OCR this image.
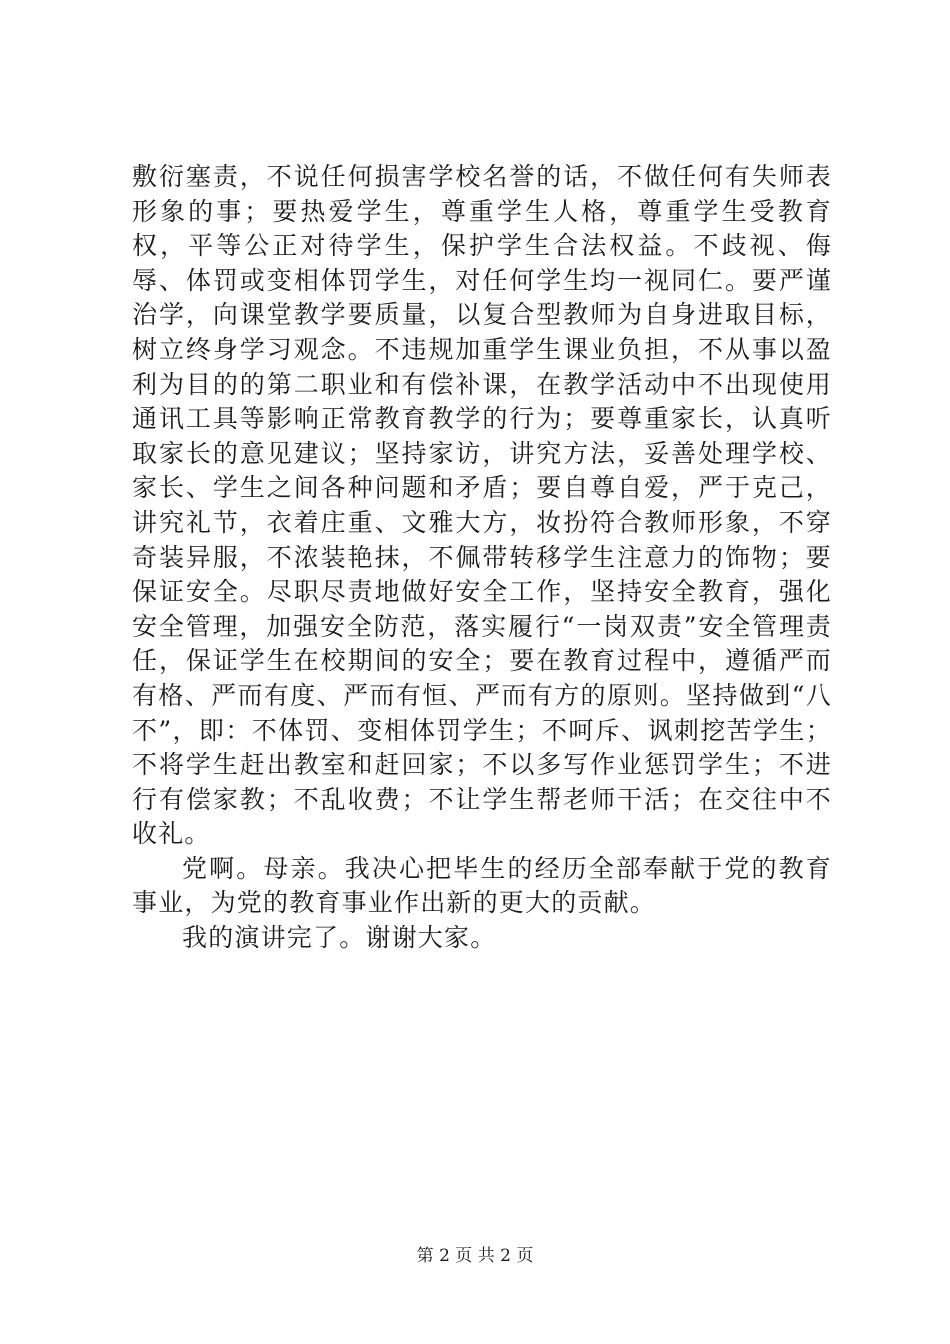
敷衍塞责，不说任何损害学校名誉的话，不做任何有失师表形象的事；要热爱学生，尊重学生人格，尊重学生受教育权，平等公正对待学生，保护学生合法权益。不歧视、侮辱、体罚或变相体罚学生，对任何学生均一视同仁。要严谨治学，向课堂教学要质量，以复合型教师为自身进取目标，树立终身学习观念。不违规加重学生课业负担，不从事以盈利为目的的第二职业和有偿补课，在教学活动中不出现使用通讯工具等影响正常教育教学的行为；要尊重家长，认真听取家长的意见建议；坚持家访，讲究方法，妥善处理学校、家长、学生之间各种问题和矛盾；要自尊自爱，严于克己，讲究礼节，衣着庄重、文雅大方，妆扮符合教师形象，不穿奇装异服，不浓装艳抹，不佩带转移学生注意力的饰物；要保证安全。尽职尽责地做好安全工作，坚持安全教育，强化安全管理，加强安全防范，落实履行“一岗双责”安全管理责任，保证学生在校期间的安全；要在教育过程中，遵循严而有格、严而有度、严而有恒、严而有方的原则。坚持做到“八不”，即：不体罚、变相体罚学生；不呵斥、讽刺挖苦学生；不将学生赶出教室和赶回家；不以多写作业惩罚学生；不进行有偿家教；不乱收费；不让学生帮老师干活；在交往中不收礼。

党啊。母亲。我决心把毕生的经历全部奉献于党的教育事业，为党的教育事业作出新的更大的贡献。

我的演讲完了。谢谢大家。

第 2 页 共 2 页
